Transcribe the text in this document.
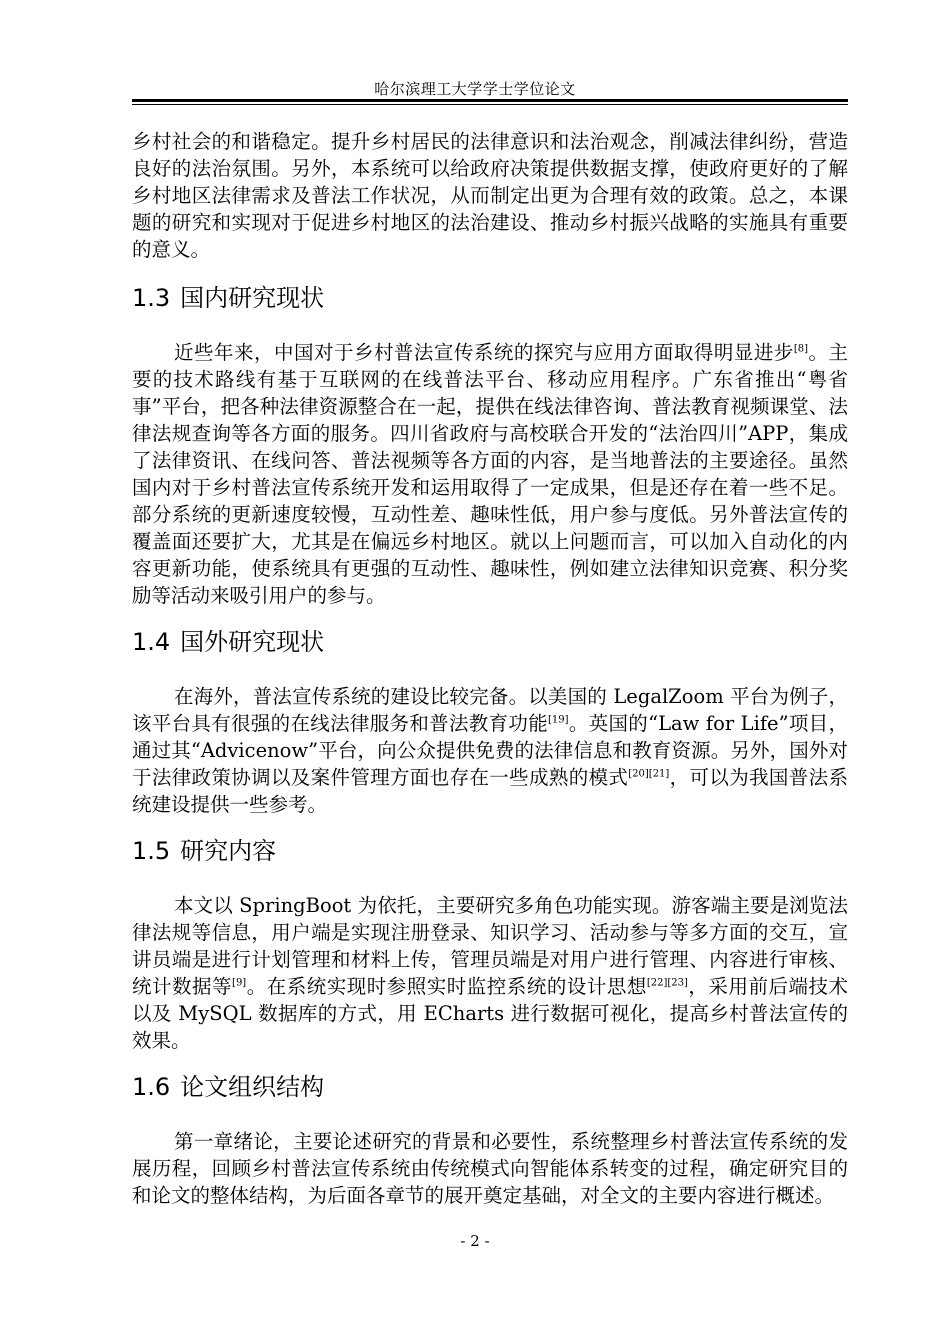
哈尔滨理工大学学士学位论文

乡村社会的和谐稳定。提升乡村居民的法律意识和法治观念，削减法律纠纷，营造良好的法治氛围。另外，本系统可以给政府决策提供数据支撑，使政府更好的了解乡村地区法律需求及普法工作状况，从而制定出更为合理有效的政策。总之，本课题的研究和实现对于促进乡村地区的法治建设、推动乡村振兴战略的实施具有重要的意义。

1.3 国内研究现状

近些年来，中国对于乡村普法宣传系统的探究与应用方面取得明显进步[8]。主要的技术路线有基于互联网的在线普法平台、移动应用程序。广东省推出“粤省事”平台，把各种法律资源整合在一起，提供在线法律咨询、普法教育视频课堂、法律法规查询等各方面的服务。四川省政府与高校联合开发的“法治四川”APP，集成了法律资讯、在线问答、普法视频等各方面的内容，是当地普法的主要途径。虽然国内对于乡村普法宣传系统开发和运用取得了一定成果，但是还存在着一些不足。部分系统的更新速度较慢，互动性差、趣味性低，用户参与度低。另外普法宣传的覆盖面还要扩大，尤其是在偏远乡村地区。就以上问题而言，可以加入自动化的内容更新功能，使系统具有更强的互动性、趣味性，例如建立法律知识竞赛、积分奖励等活动来吸引用户的参与。

1.4 国外研究现状

在海外，普法宣传系统的建设比较完备。以美国的 LegalZoom 平台为例子，该平台具有很强的在线法律服务和普法教育功能[19]。英国的“Law for Life”项目，通过其“Advicenow”平台，向公众提供免费的法律信息和教育资源。另外，国外对于法律政策协调以及案件管理方面也存在一些成熟的模式[20][21]，可以为我国普法系统建设提供一些参考。

1.5 研究内容

本文以 SpringBoot 为依托，主要研究多角色功能实现。游客端主要是浏览法律法规等信息，用户端是实现注册登录、知识学习、活动参与等多方面的交互，宣讲员端是进行计划管理和材料上传，管理员端是对用户进行管理、内容进行审核、统计数据等[9]。在系统实现时参照实时监控系统的设计思想[22][23]，采用前后端技术以及 MySQL 数据库的方式，用 ECharts 进行数据可视化，提高乡村普法宣传的效果。

1.6 论文组织结构

第一章绪论，主要论述研究的背景和必要性，系统整理乡村普法宣传系统的发展历程，回顾乡村普法宣传系统由传统模式向智能体系转变的过程，确定研究目的和论文的整体结构，为后面各章节的展开奠定基础，对全文的主要内容进行概述。

- 2 -
